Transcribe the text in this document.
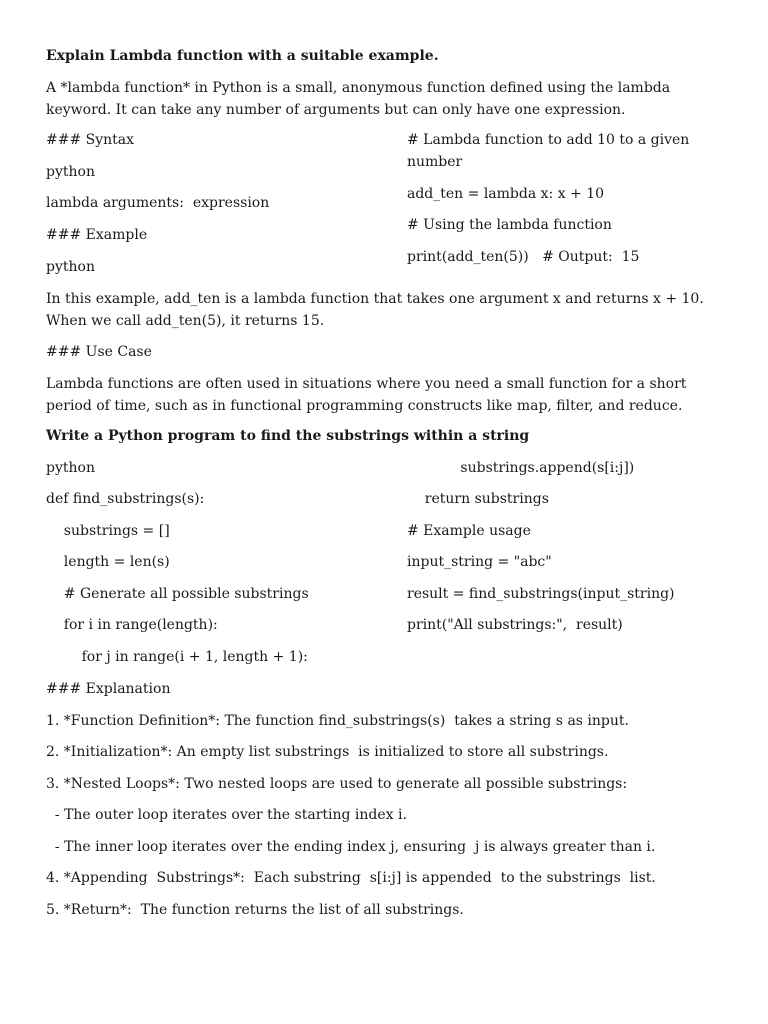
Explain Lambda function with a suitable example.
A *lambda function* in Python is a small, anonymous function defined using the lambda keyword. It can take any number of arguments but can only have one expression.
### Syntax
python
lambda arguments:  expression
### Example
python
# Lambda function to add 10 to a given number
add_ten = lambda x: x + 10
# Using the lambda function
print(add_ten(5))   # Output:  15
In this example, add_ten is a lambda function that takes one argument x and returns x + 10. When we call add_ten(5), it returns 15.
### Use Case
Lambda functions are often used in situations where you need a small function for a short period of time, such as in functional programming constructs like map, filter, and reduce.
Write a Python program to find the substrings within a string
python
def find_substrings(s):
substrings = []
length = len(s)
# Generate all possible substrings
for i in range(length):
for j in range(i + 1, length + 1):
substrings.append(s[i:j])
return substrings
# Example usage
input_string = "abc"
result = find_substrings(input_string)
print("All substrings:",  result)
### Explanation
1. *Function Definition*: The function find_substrings(s)  takes a string s as input.
2. *Initialization*: An empty list substrings  is initialized to store all substrings.
3. *Nested Loops*: Two nested loops are used to generate all possible substrings:
- The outer loop iterates over the starting index i.
- The inner loop iterates over the ending index j, ensuring  j is always greater than i.
4. *Appending  Substrings*:  Each substring  s[i:j] is appended  to the substrings  list.
5. *Return*:  The function returns the list of all substrings.
